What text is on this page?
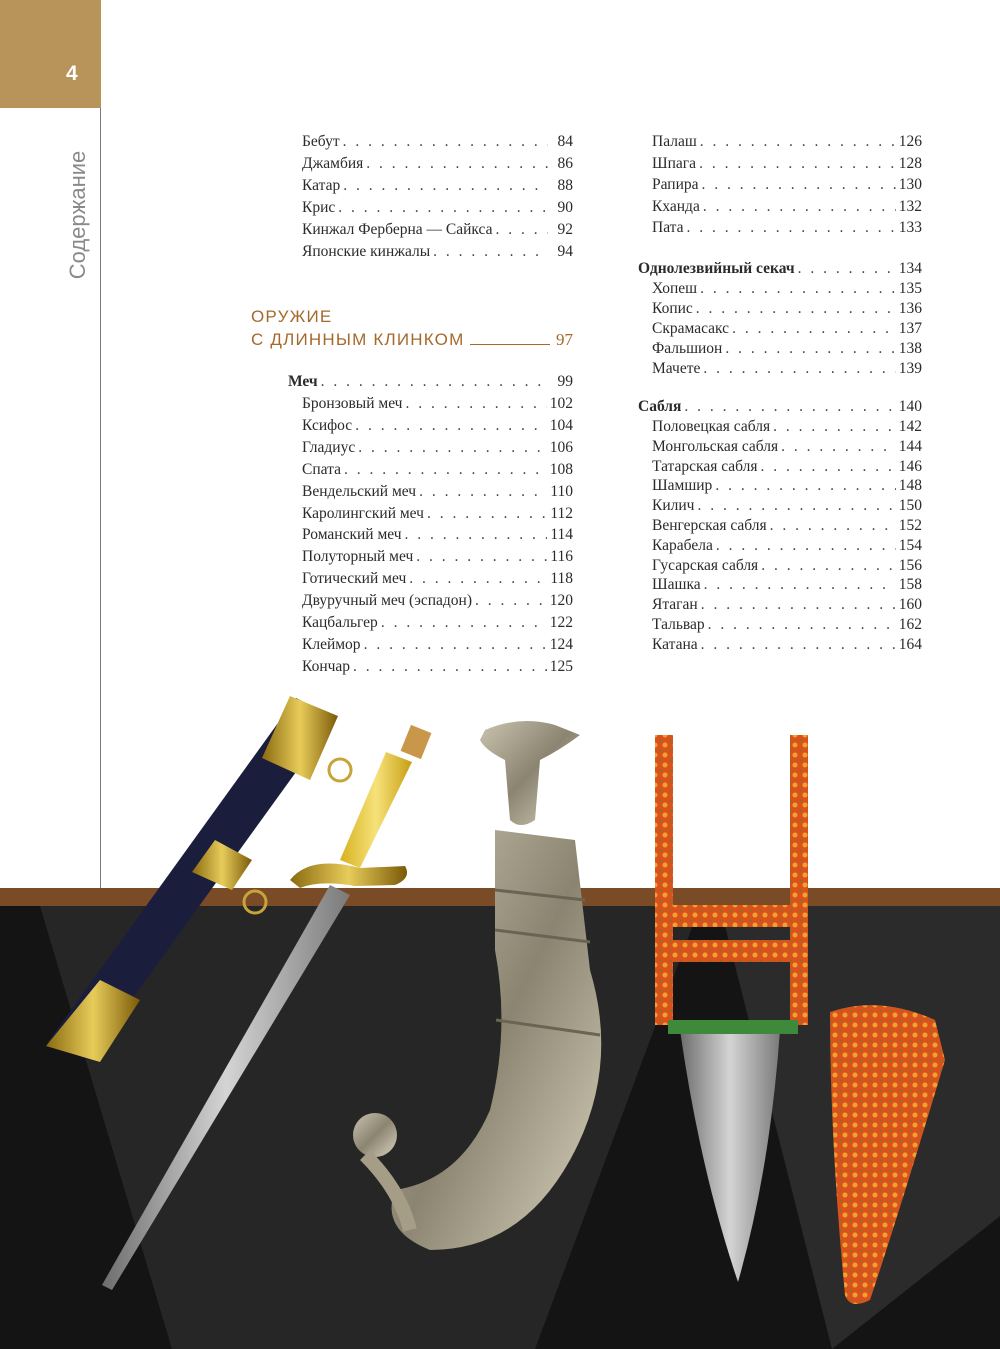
4
Содержание
Бебут . . .	84
Джамбия . . .	86
Катар . . .	88
Крис . . .	90
Кинжал Ферберна — Сайкса . . .	92
Японские кинжалы . . .	94
ОРУЖИЕ
С ДЛИННЫМ КЛИНКОМ	97
Меч . . .	99
Бронзовый меч . . .	102
Ксифос . . .	104
Гладиус . . .	106
Спата . . .	108
Вендельский меч . . .	110
Каролингский меч . . .	112
Романский меч . . .	114
Полуторный меч . . .	116
Готический меч . . .	118
Двуручный меч (эспадон) . . .	120
Кацбальгер . . .	122
Клеймор . . .	124
Кончар . . .	125
Палаш . . .	126
Шпага . . .	128
Рапира . . .	130
Кханда . . .	132
Пата . . .	133
Однолезвийный секач . . .	134
Хопеш . . .	135
Копис . . .	136
Скрамасакс . . .	137
Фальшион . . .	138
Мачете . . .	139
Сабля . . .	140
Половецкая сабля . . .	142
Монгольская сабля . . .	144
Татарская сабля . . .	146
Шамшир . . .	148
Килич . . .	150
Венгерская сабля . . .	152
Карабела . . .	154
Гусарская сабля . . .	156
Шашка . . .	158
Ятаган . . .	160
Тальвар . . .	162
Катана . . .	164
